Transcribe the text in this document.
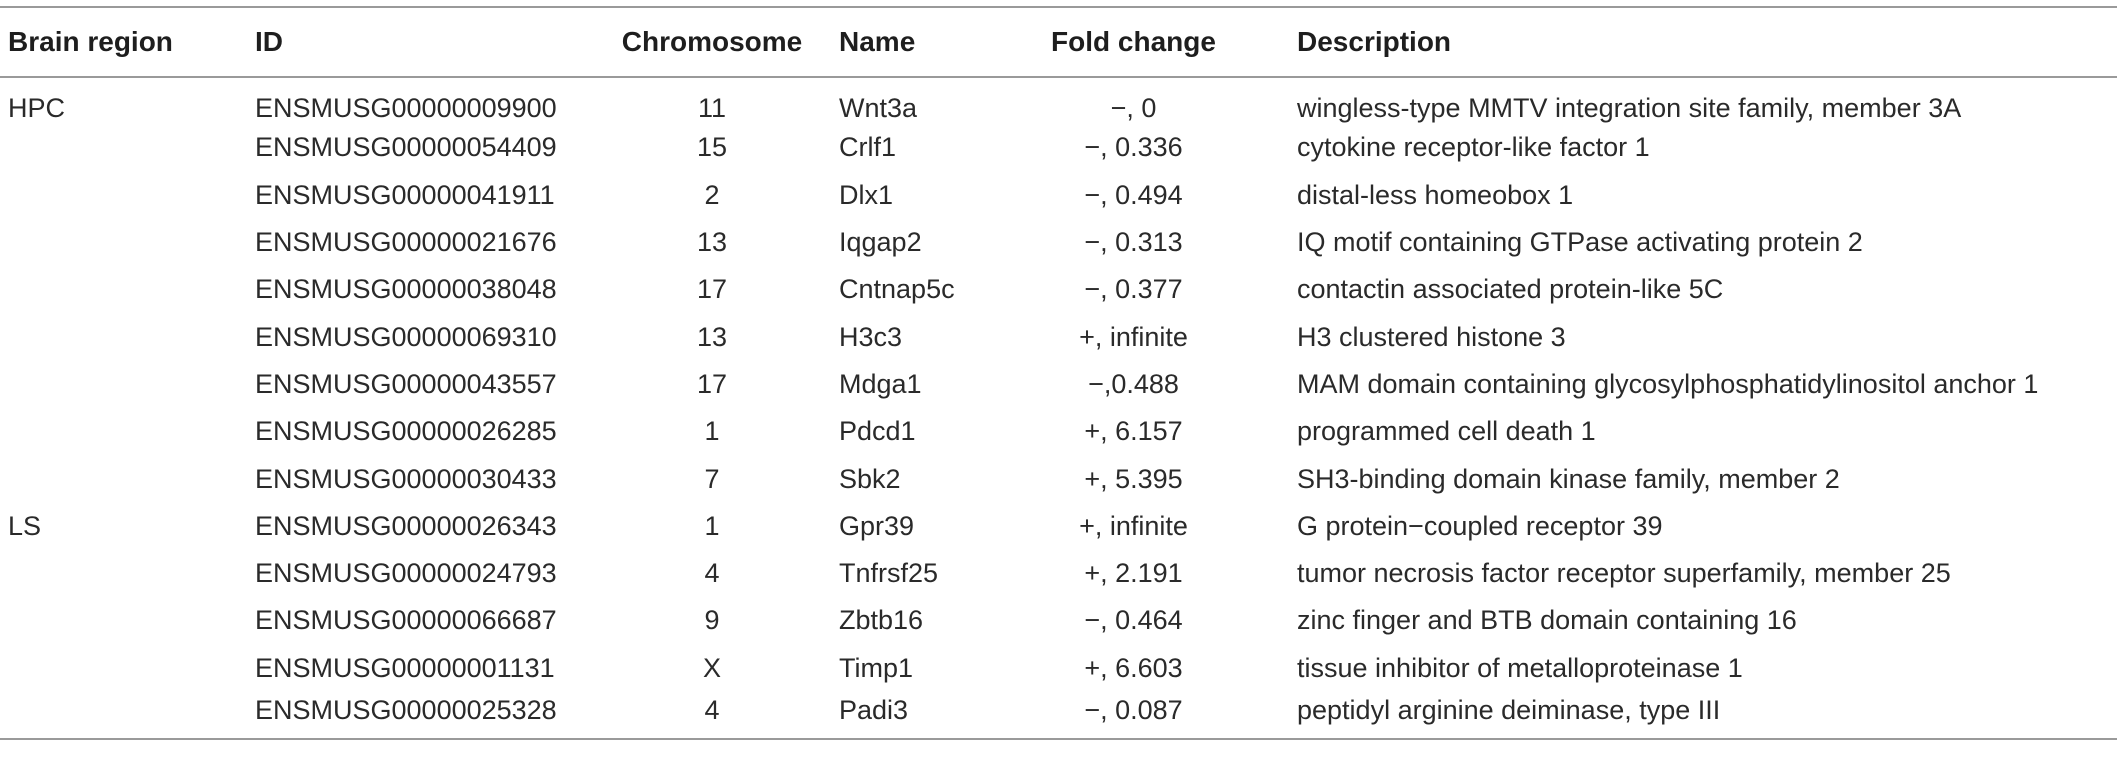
Brain region	ID	Chromosome	Name	Fold change	Description
HPC	ENSMUSG00000009900	11	Wnt3a	−, 0	wingless-type MMTV integration site family, member 3A
	ENSMUSG00000054409	15	Crlf1	−, 0.336	cytokine receptor-like factor 1
	ENSMUSG00000041911	2	Dlx1	−, 0.494	distal-less homeobox 1
	ENSMUSG00000021676	13	Iqgap2	−, 0.313	IQ motif containing GTPase activating protein 2
	ENSMUSG00000038048	17	Cntnap5c	−, 0.377	contactin associated protein-like 5C
	ENSMUSG00000069310	13	H3c3	+, infinite	H3 clustered histone 3
	ENSMUSG00000043557	17	Mdga1	−,0.488	MAM domain containing glycosylphosphatidylinositol anchor 1
	ENSMUSG00000026285	1	Pdcd1	+, 6.157	programmed cell death 1
	ENSMUSG00000030433	7	Sbk2	+, 5.395	SH3-binding domain kinase family, member 2
LS	ENSMUSG00000026343	1	Gpr39	+, infinite	G protein−coupled receptor 39
	ENSMUSG00000024793	4	Tnfrsf25	+, 2.191	tumor necrosis factor receptor superfamily, member 25
	ENSMUSG00000066687	9	Zbtb16	−, 0.464	zinc finger and BTB domain containing 16
	ENSMUSG00000001131	X	Timp1	+, 6.603	tissue inhibitor of metalloproteinase 1
	ENSMUSG00000025328	4	Padi3	−, 0.087	peptidyl arginine deiminase, type III
